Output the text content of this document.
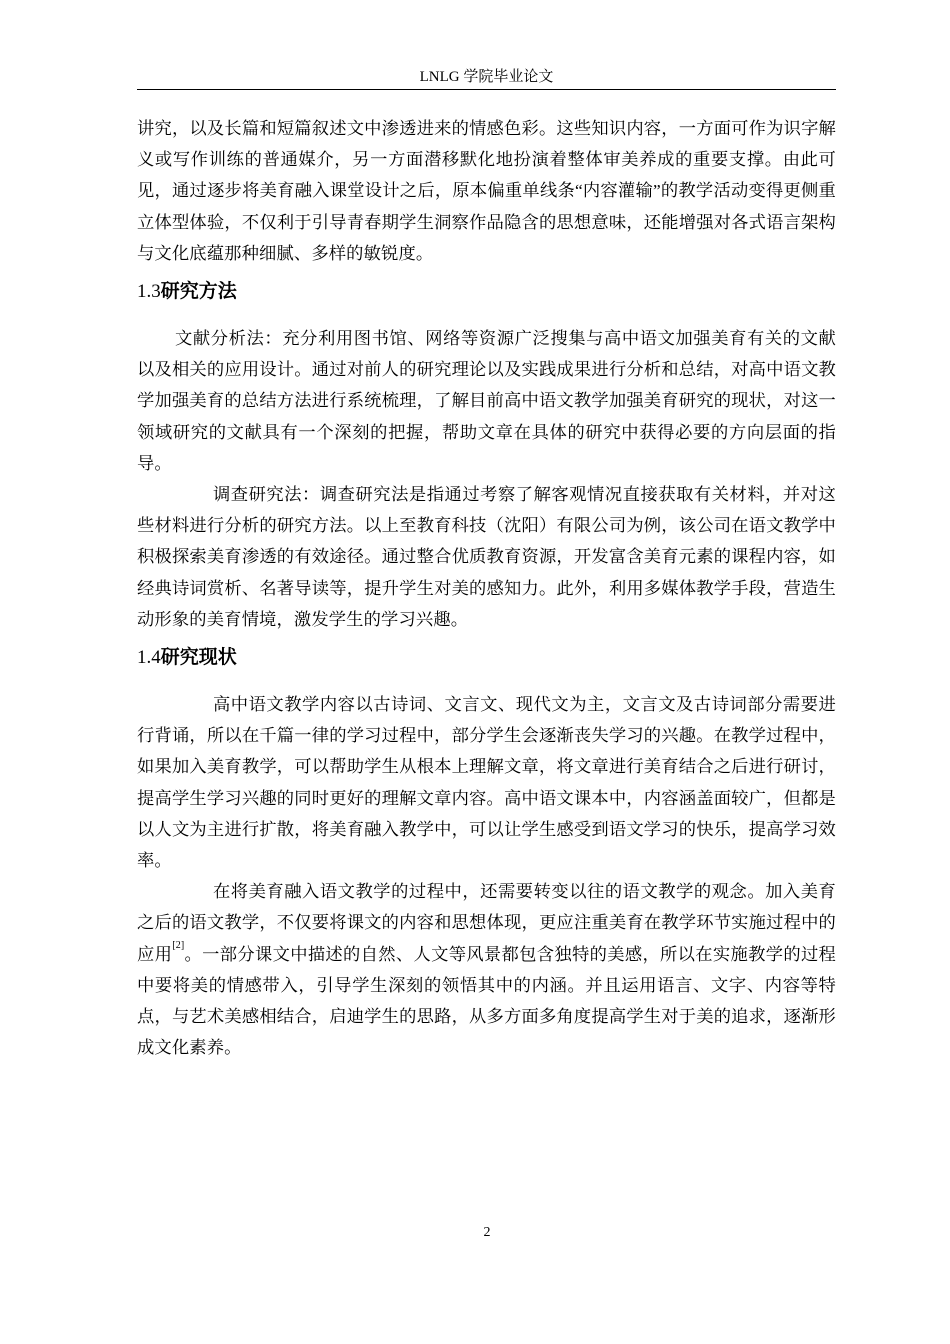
LNLG 学院毕业论文

讲究，以及长篇和短篇叙述文中渗透进来的情感色彩。这些知识内容，一方面可作为识字解义或写作训练的普通媒介，另一方面潜移默化地扮演着整体审美养成的重要支撑。由此可见，通过逐步将美育融入课堂设计之后，原本偏重单线条“内容灌输”的教学活动变得更侧重立体型体验，不仅利于引导青春期学生洞察作品隐含的思想意味，还能增强对各式语言架构与文化底蕴那种细腻、多样的敏锐度。

1.3研究方法

文献分析法：充分利用图书馆、网络等资源广泛搜集与高中语文加强美育有关的文献以及相关的应用设计。通过对前人的研究理论以及实践成果进行分析和总结，对高中语文教学加强美育的总结方法进行系统梳理，了解目前高中语文教学加强美育研究的现状，对这一领域研究的文献具有一个深刻的把握，帮助文章在具体的研究中获得必要的方向层面的指导。

调查研究法：调查研究法是指通过考察了解客观情况直接获取有关材料，并对这些材料进行分析的研究方法。以上至教育科技（沈阳）有限公司为例，该公司在语文教学中积极探索美育渗透的有效途径。通过整合优质教育资源，开发富含美育元素的课程内容，如经典诗词赏析、名著导读等，提升学生对美的感知力。此外，利用多媒体教学手段，营造生动形象的美育情境，激发学生的学习兴趣。

1.4研究现状

高中语文教学内容以古诗词、文言文、现代文为主，文言文及古诗词部分需要进行背诵，所以在千篇一律的学习过程中，部分学生会逐渐丧失学习的兴趣。在教学过程中，如果加入美育教学，可以帮助学生从根本上理解文章，将文章进行美育结合之后进行研讨，提高学生学习兴趣的同时更好的理解文章内容。高中语文课本中，内容涵盖面较广，但都是以人文为主进行扩散，将美育融入教学中，可以让学生感受到语文学习的快乐，提高学习效率。

在将美育融入语文教学的过程中，还需要转变以往的语文教学的观念。加入美育之后的语文教学，不仅要将课文的内容和思想体现，更应注重美育在教学环节实施过程中的应用[2]。一部分课文中描述的自然、人文等风景都包含独特的美感，所以在实施教学的过程中要将美的情感带入，引导学生深刻的领悟其中的内涵。并且运用语言、文字、内容等特点，与艺术美感相结合，启迪学生的思路，从多方面多角度提高学生对于美的追求，逐渐形成文化素养。

2
